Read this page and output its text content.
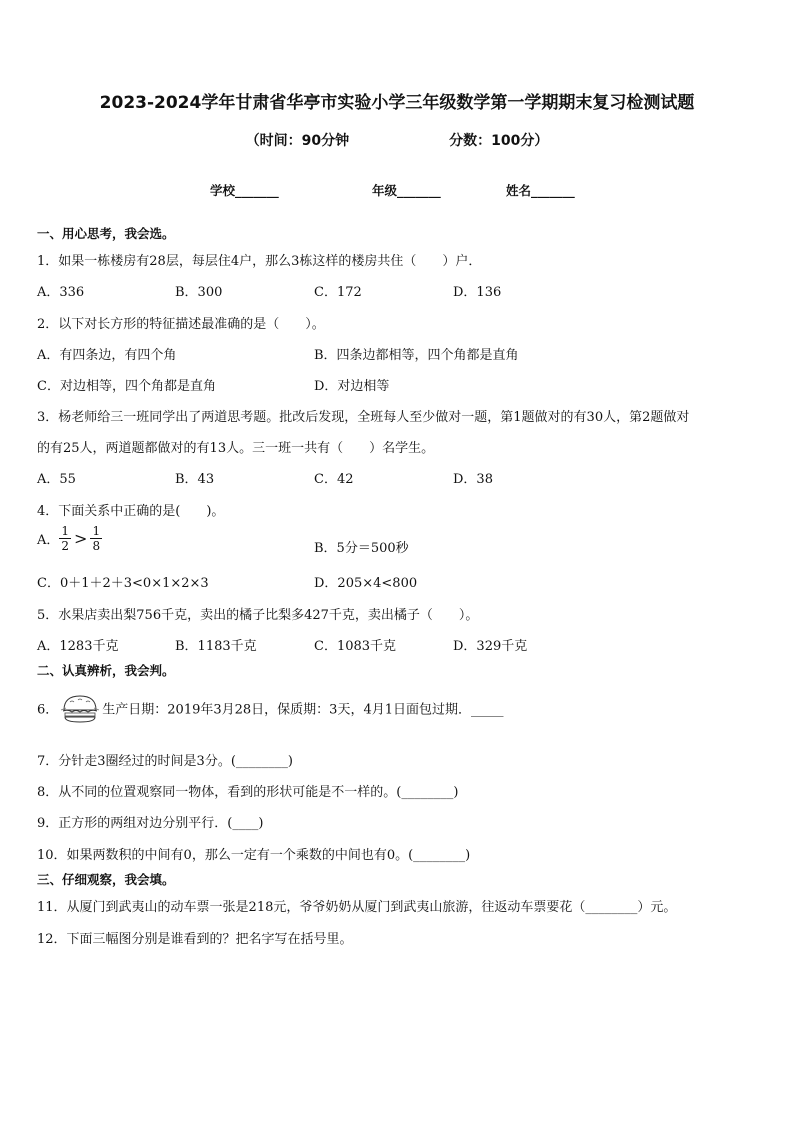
2023-2024学年甘肃省华亭市实验小学三年级数学第一学期期末复习检测试题
（时间：90分钟	分数：100分）
学校_______	年级_______	姓名_______
一、用心思考，我会选。
1．如果一栋楼房有28层，每层住4户，那么3栋这样的楼房共住（　　）户．
A．336	B．300	C．172	D．136
2．以下对长方形的特征描述最准确的是（　　）。
A．有四条边，有四个角	B．四条边都相等，四个角都是直角
C．对边相等，四个角都是直角	D．对边相等
3．杨老师给三一班同学出了两道思考题。批改后发现，全班每人至少做对一题，第1题做对的有30人，第2题做对
的有25人，两道题都做对的有13人。三一班一共有（　　）名学生。
A．55	B．43	C．42	D．38
4．下面关系中正确的是(　　)。
A． $\frac{1}{2} > \frac{1}{8}$	B．5分＝500秒
C．0＋1＋2＋3<0×1×2×3	D．205×4<800
5．水果店卖出梨756千克，卖出的橘子比梨多427千克，卖出橘子（　　）。
A．1283千克	B．1183千克	C．1083千克	D．329千克
二、认真辨析，我会判。
6．	生产日期：2019年3月28日，保质期：3天，4月1日面包过期．_____
7．分针走3圈经过的时间是3分。(________)
8．从不同的位置观察同一物体，看到的形状可能是不一样的。(________)
9．正方形的两组对边分别平行．(____)
10．如果两数积的中间有0，那么一定有一个乘数的中间也有0。(________)
三、仔细观察，我会填。
11．从厦门到武夷山的动车票一张是218元，爷爷奶奶从厦门到武夷山旅游，往返动车票要花（________）元。
12．下面三幅图分别是谁看到的？把名字写在括号里。
